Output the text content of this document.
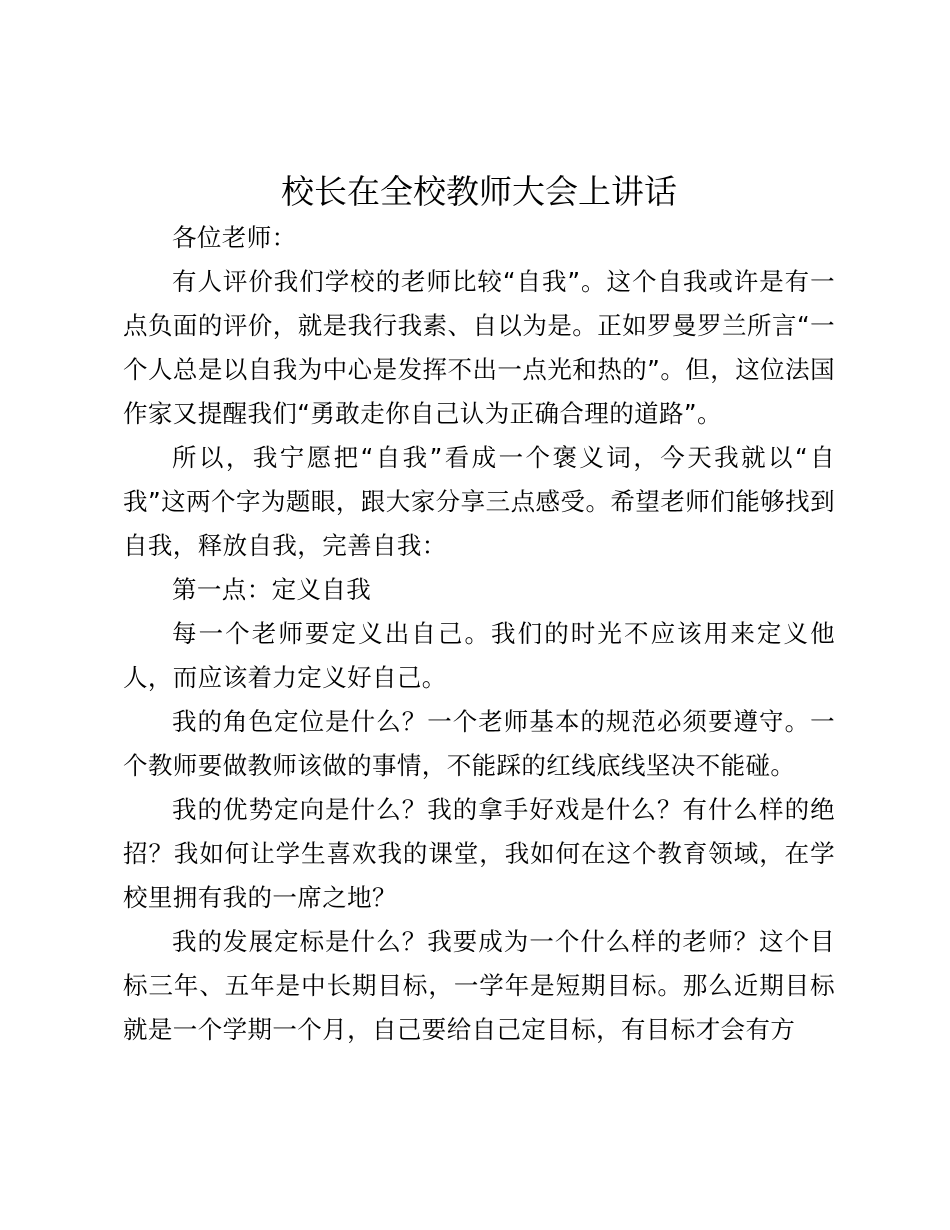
校长在全校教师大会上讲话

各位老师：

有人评价我们学校的老师比较“自我”。这个自我或许是有一点负面的评价，就是我行我素、自以为是。正如罗曼罗兰所言“一个人总是以自我为中心是发挥不出一点光和热的”。但，这位法国作家又提醒我们“勇敢走你自己认为正确合理的道路”。

所以，我宁愿把“自我”看成一个褒义词，今天我就以“自我”这两个字为题眼，跟大家分享三点感受。希望老师们能够找到自我，释放自我，完善自我：

第一点：定义自我

每一个老师要定义出自己。我们的时光不应该用来定义他人，而应该着力定义好自己。

我的角色定位是什么？一个老师基本的规范必须要遵守。一个教师要做教师该做的事情，不能踩的红线底线坚决不能碰。

我的优势定向是什么？我的拿手好戏是什么？有什么样的绝招？我如何让学生喜欢我的课堂，我如何在这个教育领域，在学校里拥有我的一席之地？

我的发展定标是什么？我要成为一个什么样的老师？这个目标三年、五年是中长期目标，一学年是短期目标。那么近期目标就是一个学期一个月，自己要给自己定目标，有目标才会有方
